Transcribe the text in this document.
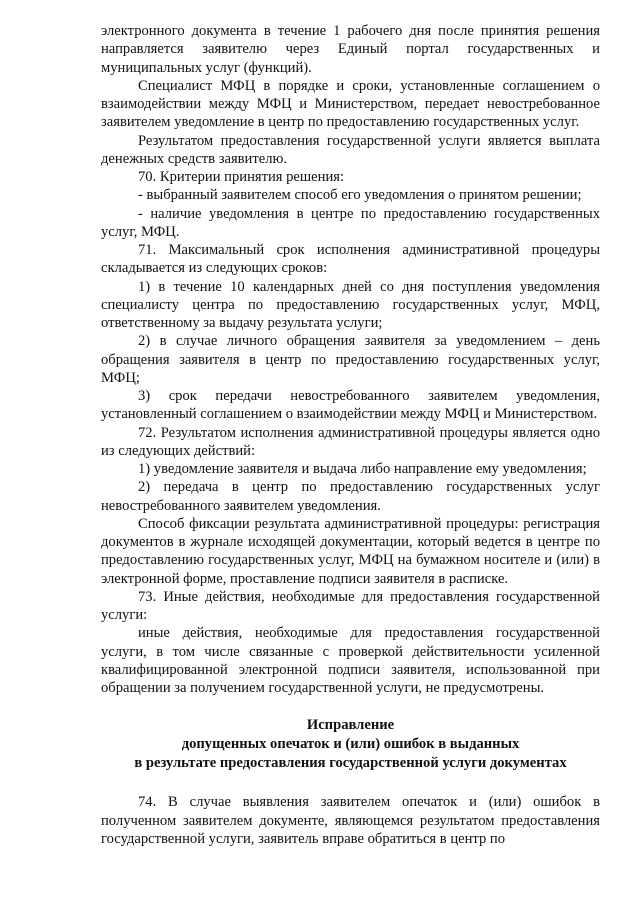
электронного документа в течение 1 рабочего дня после принятия решения направляется заявителю через Единый портал государственных и муниципальных услуг (функций).

Специалист МФЦ в порядке и сроки, установленные соглашением о взаимодействии между МФЦ и Министерством, передает невостребованное заявителем уведомление в центр по предоставлению государственных услуг.

Результатом предоставления государственной услуги является выплата денежных средств заявителю.

70. Критерии принятия решения:

- выбранный заявителем способ его уведомления о принятом решении;

- наличие уведомления в центре по предоставлению государственных услуг, МФЦ.

71. Максимальный срок исполнения административной процедуры складывается из следующих сроков:

1) в течение 10 календарных дней со дня поступления уведомления специалисту центра по предоставлению государственных услуг, МФЦ, ответственному за выдачу результата услуги;

2) в случае личного обращения заявителя за уведомлением – день обращения заявителя в центр по предоставлению государственных услуг, МФЦ;

3) срок передачи невостребованного заявителем уведомления, установленный соглашением о взаимодействии между МФЦ и Министерством.

72. Результатом исполнения административной процедуры является одно из следующих действий:

1) уведомление заявителя и выдача либо направление ему уведомления;

2) передача в центр по предоставлению государственных услуг невостребованного заявителем уведомления.

Способ фиксации результата административной процедуры: регистрация документов в журнале исходящей документации, который ведется в центре по предоставлению государственных услуг, МФЦ на бумажном носителе и (или) в электронной форме, проставление подписи заявителя в расписке.

73. Иные действия, необходимые для предоставления государственной услуги:

иные действия, необходимые для предоставления государственной услуги, в том числе связанные с проверкой действительности усиленной квалифицированной электронной подписи заявителя, использованной при обращении за получением государственной услуги, не предусмотрены.

Исправление

допущенных опечаток и (или) ошибок в выданных

в результате предоставления государственной услуги документах

74. В случае выявления заявителем опечаток и (или) ошибок в полученном заявителем документе, являющемся результатом предоставления государственной услуги, заявитель вправе обратиться в центр по
